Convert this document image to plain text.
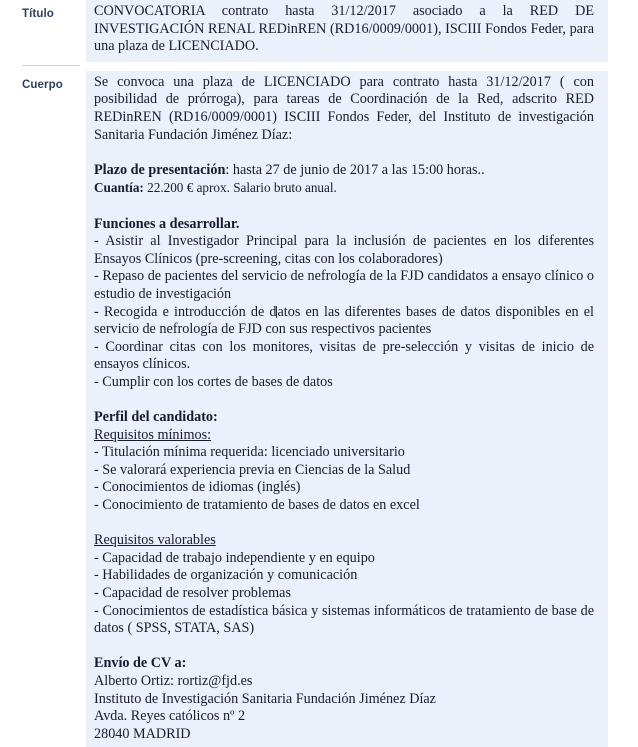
Título	CONVOCATORIA contrato hasta 31/12/2017 asociado a la RED DE INVESTIGACIÓN RENAL REDinREN (RD16/0009/0001), ISCIII Fondos Feder, para una plaza de LICENCIADO.

Cuerpo	Se convoca una plaza de LICENCIADO para contrato hasta 31/12/2017 ( con posibilidad de prórroga), para tareas de Coordinación de la Red, adscrito RED REDinREN (RD16/0009/0001) ISCIII Fondos Feder, del Instituto de investigación Sanitaria Fundación Jiménez Díaz:

Plazo de presentación: hasta 27 de junio de 2017 a las 15:00 horas..

Cuantía: 22.200 € aprox. Salario bruto anual.

Funciones a desarrollar.

- Asistir al Investigador Principal para la inclusión de pacientes en los diferentes Ensayos Clínicos (pre-screening, citas con los colaboradores)

- Repaso de pacientes del servicio de nefrología de la FJD candidatos a ensayo clínico o estudio de investigación

- Recogida e introducción de datos en las diferentes bases de datos disponibles en el servicio de nefrología de FJD con sus respectivos pacientes

- Coordinar citas con los monitores, visitas de pre-selección y visitas de inicio de ensayos clínicos.

- Cumplir con los cortes de bases de datos

Perfil del candidato:

Requisitos mínimos:

- Titulación mínima requerida: licenciado universitario

- Se valorará experiencia previa en Ciencias de la Salud

- Conocimientos de idiomas (inglés)

- Conocimiento de tratamiento de bases de datos en excel

Requisitos valorables

- Capacidad de trabajo independiente y en equipo

- Habilidades de organización y comunicación

- Capacidad de resolver problemas

- Conocimientos de estadística básica y sistemas informáticos de tratamiento de base de datos ( SPSS, STATA, SAS)

Envío de CV a:

Alberto Ortiz: rortiz@fjd.es

Instituto de Investigación Sanitaria Fundación Jiménez Díaz

Avda. Reyes católicos nº 2

28040 MADRID
